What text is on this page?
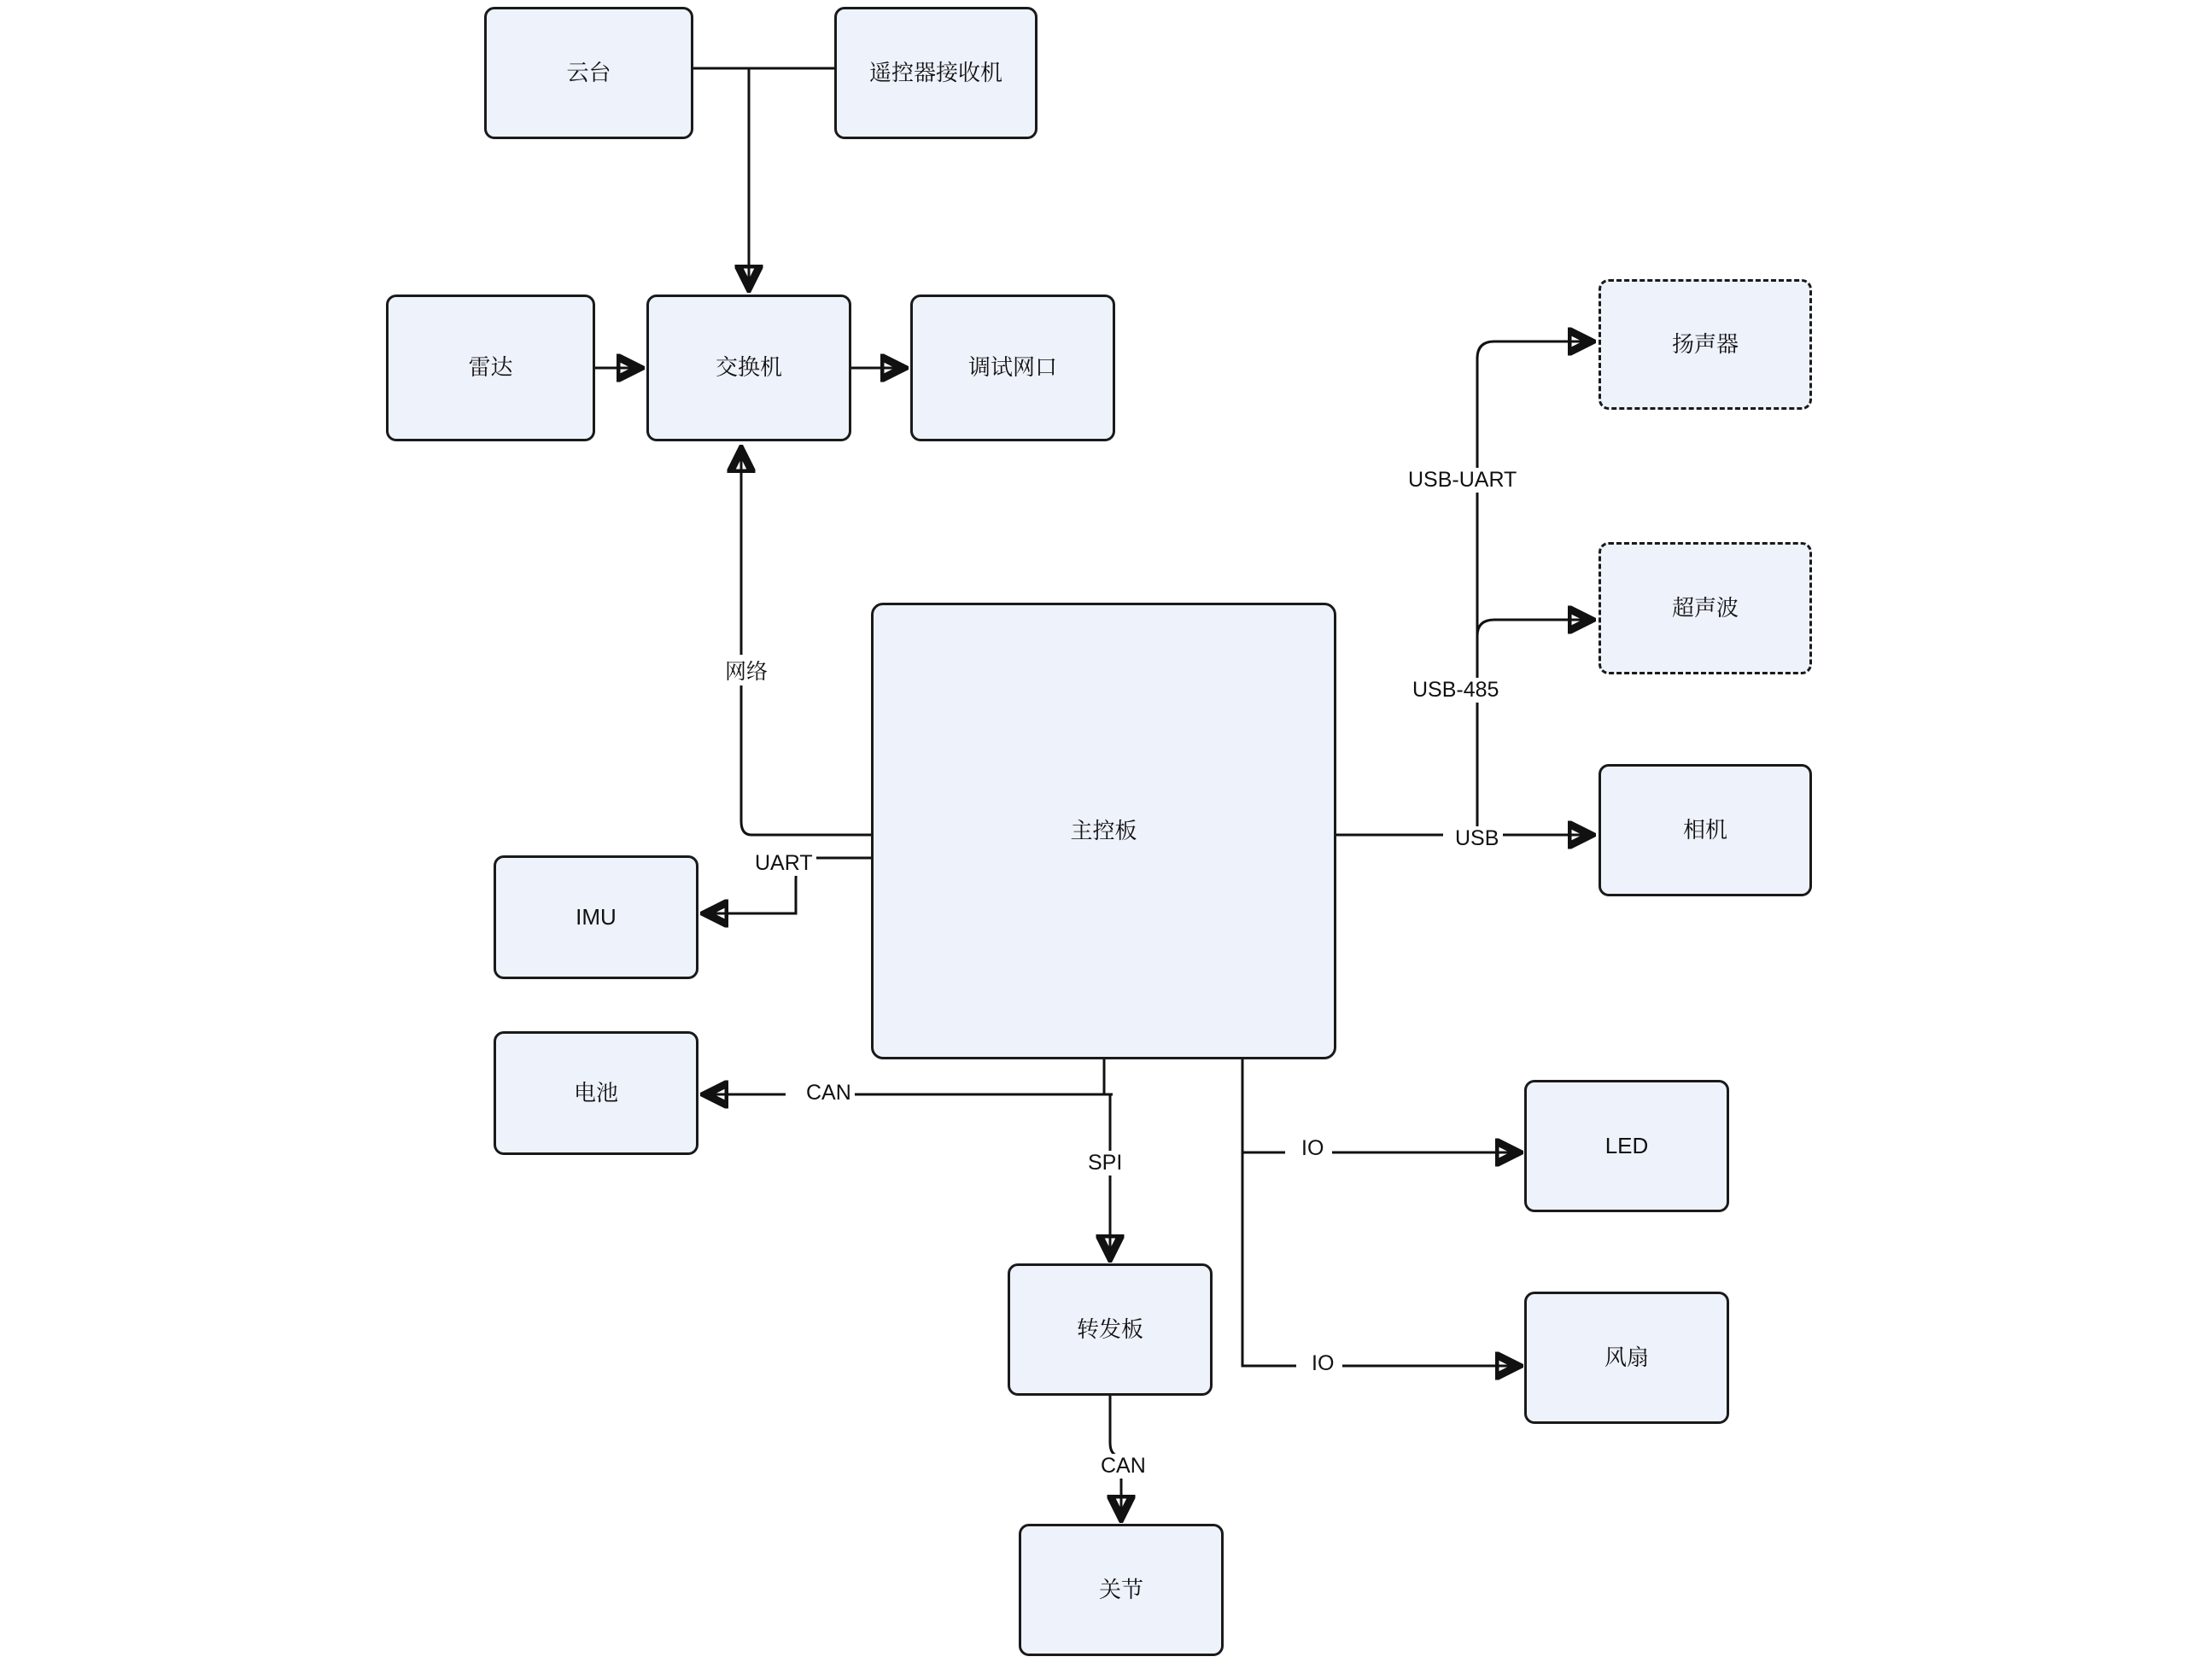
云台	遥控器接收机
雷达	交换机	调试网口
扬声器
超声波
相机
主控板
IMU
电池
转发板
关节
LED
风扇
USB-UART
USB-485
USB
网络
UART
CAN
SPI
CAN
IO
IO
